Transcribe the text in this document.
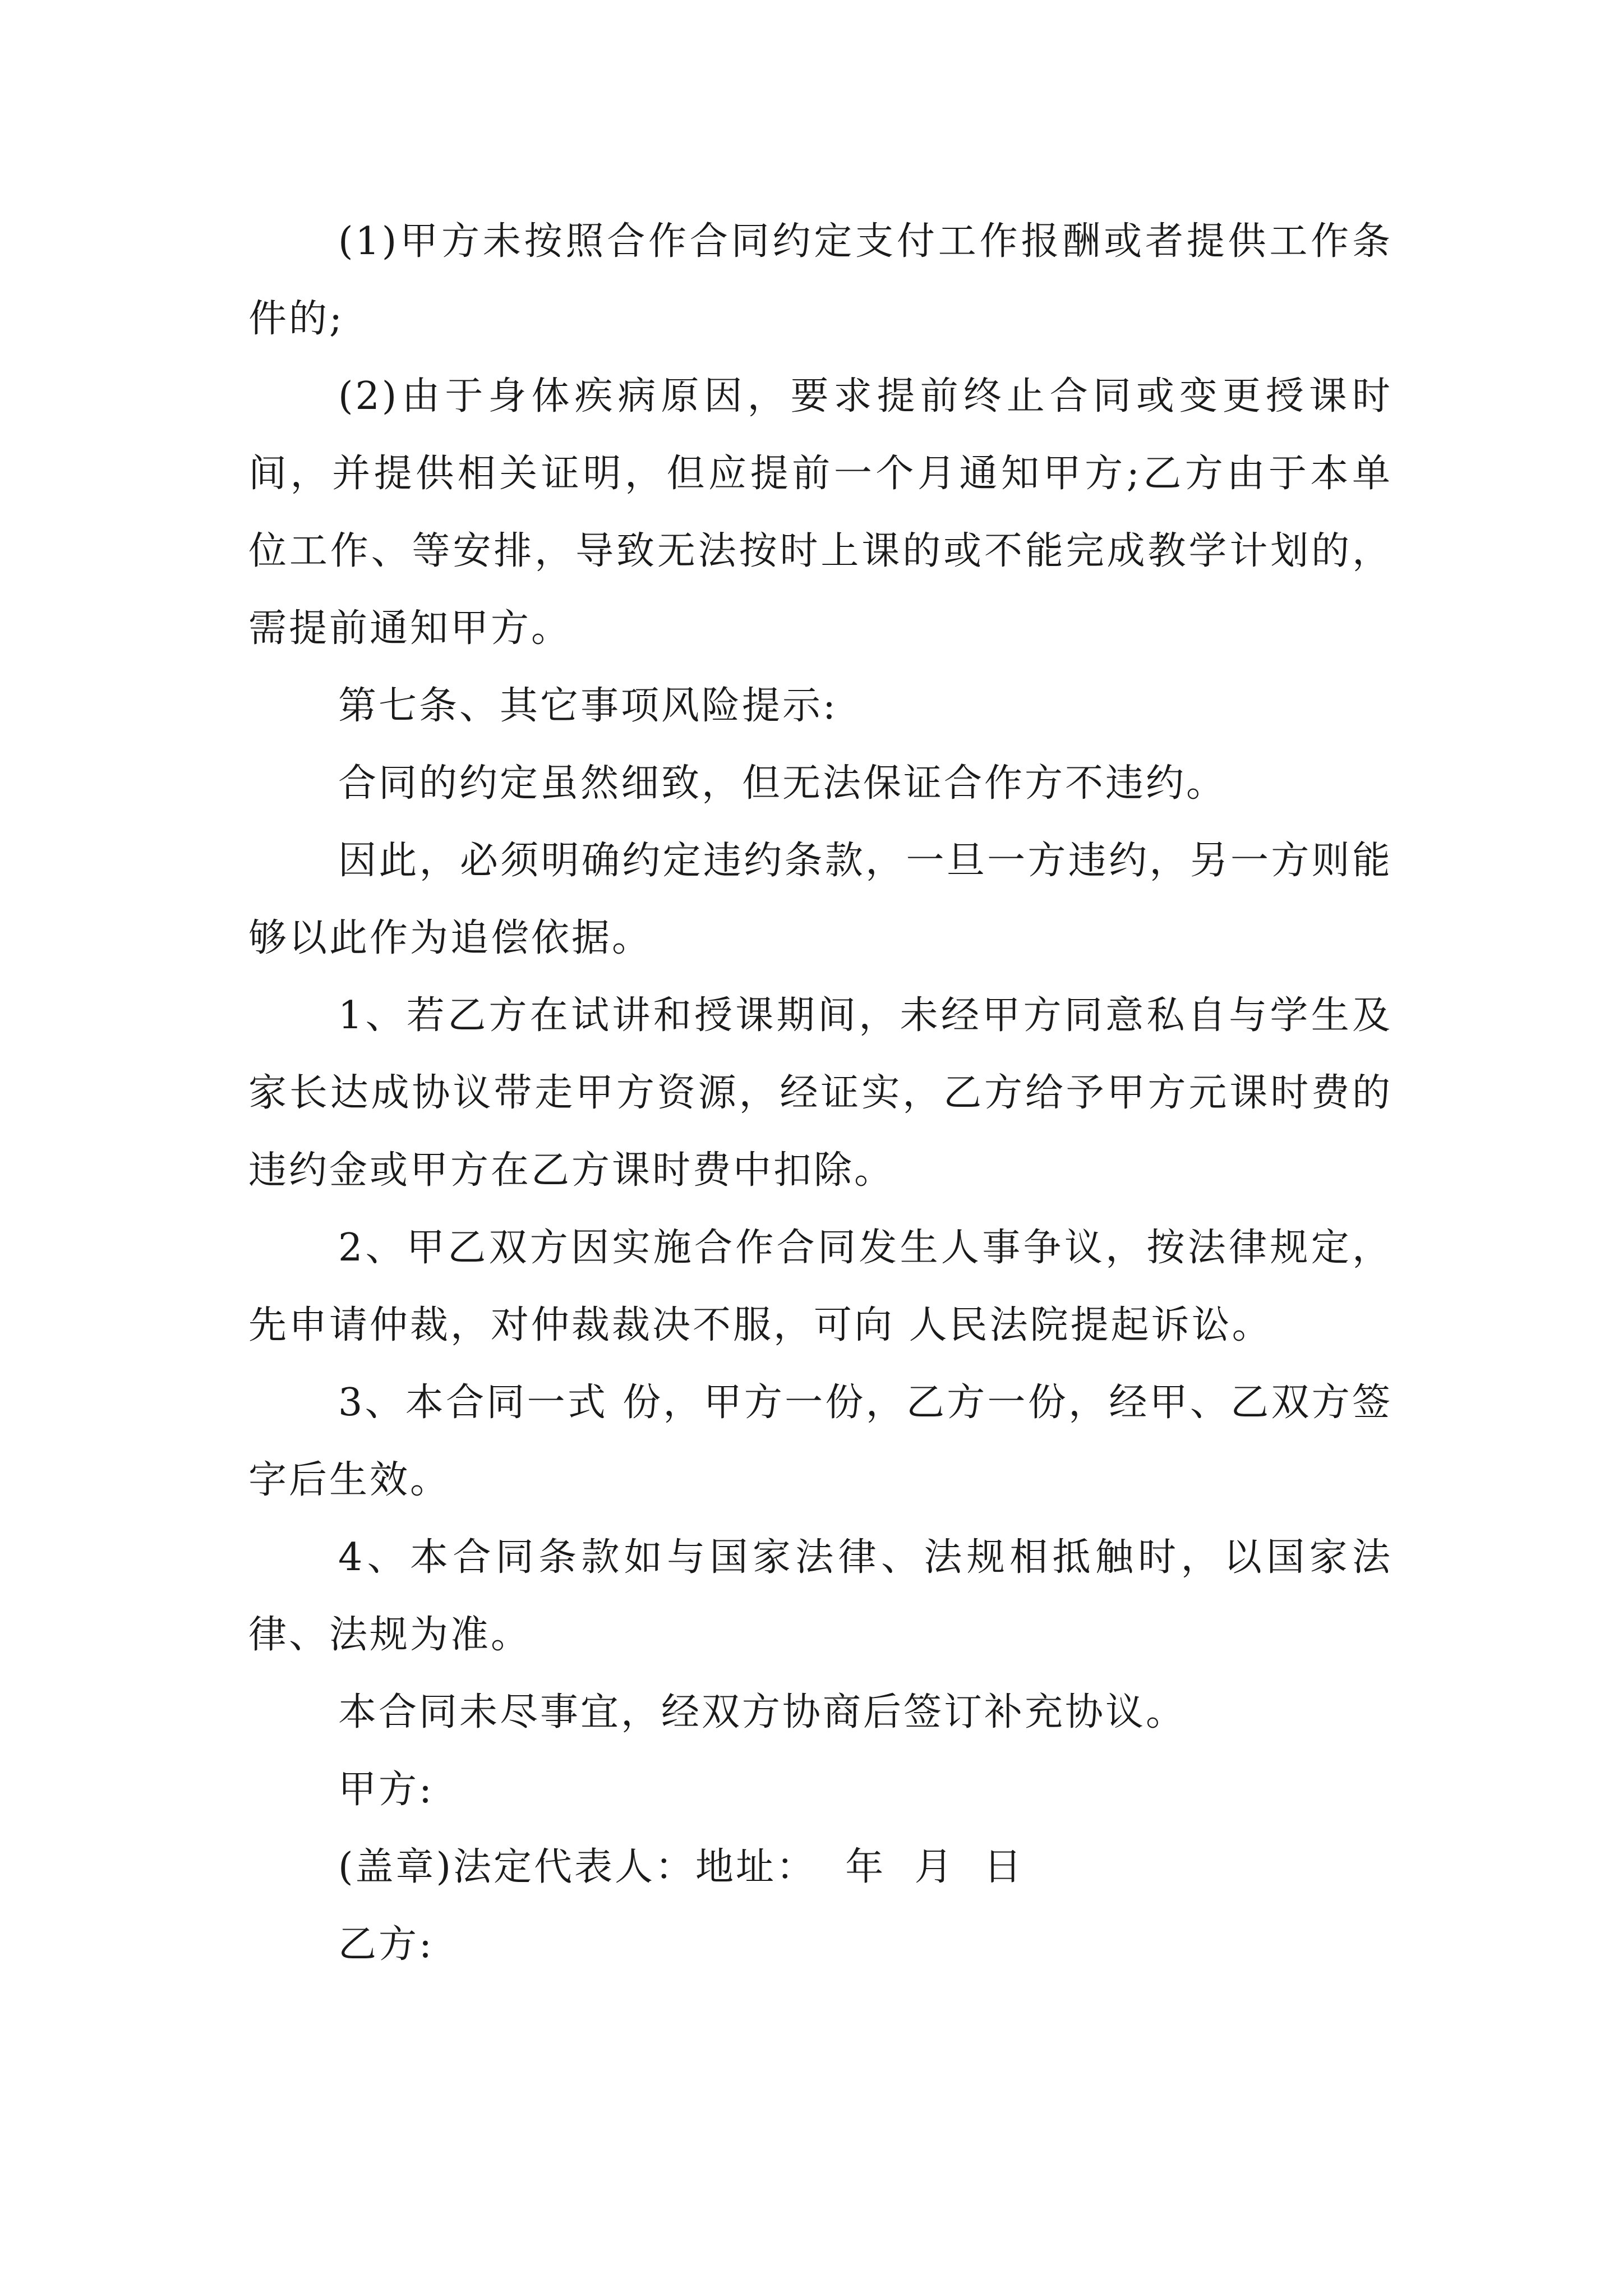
(1)甲方未按照合作合同约定支付工作报酬或者提供工作条件的;

(2)由于身体疾病原因，要求提前终止合同或变更授课时间，并提供相关证明，但应提前一个月通知甲方;乙方由于本单位工作、等安排，导致无法按时上课的或不能完成教学计划的，需提前通知甲方。

第七条、其它事项风险提示:

合同的约定虽然细致，但无法保证合作方不违约。

因此，必须明确约定违约条款，一旦一方违约，另一方则能够以此作为追偿依据。

1、若乙方在试讲和授课期间，未经甲方同意私自与学生及家长达成协议带走甲方资源，经证实，乙方给予甲方元课时费的违约金或甲方在乙方课时费中扣除。

2、甲乙双方因实施合作合同发生人事争议，按法律规定，先申请仲裁，对仲裁裁决不服，可向 人民法院提起诉讼。

3、本合同一式 份，甲方一份，乙方一份，经甲、乙双方签字后生效。

4、本合同条款如与国家法律、法规相抵触时，以国家法律、法规为准。

本合同未尽事宜，经双方协商后签订补充协议。

甲方:

(盖章)法定代表人：地址：  年  月  日

乙方:
